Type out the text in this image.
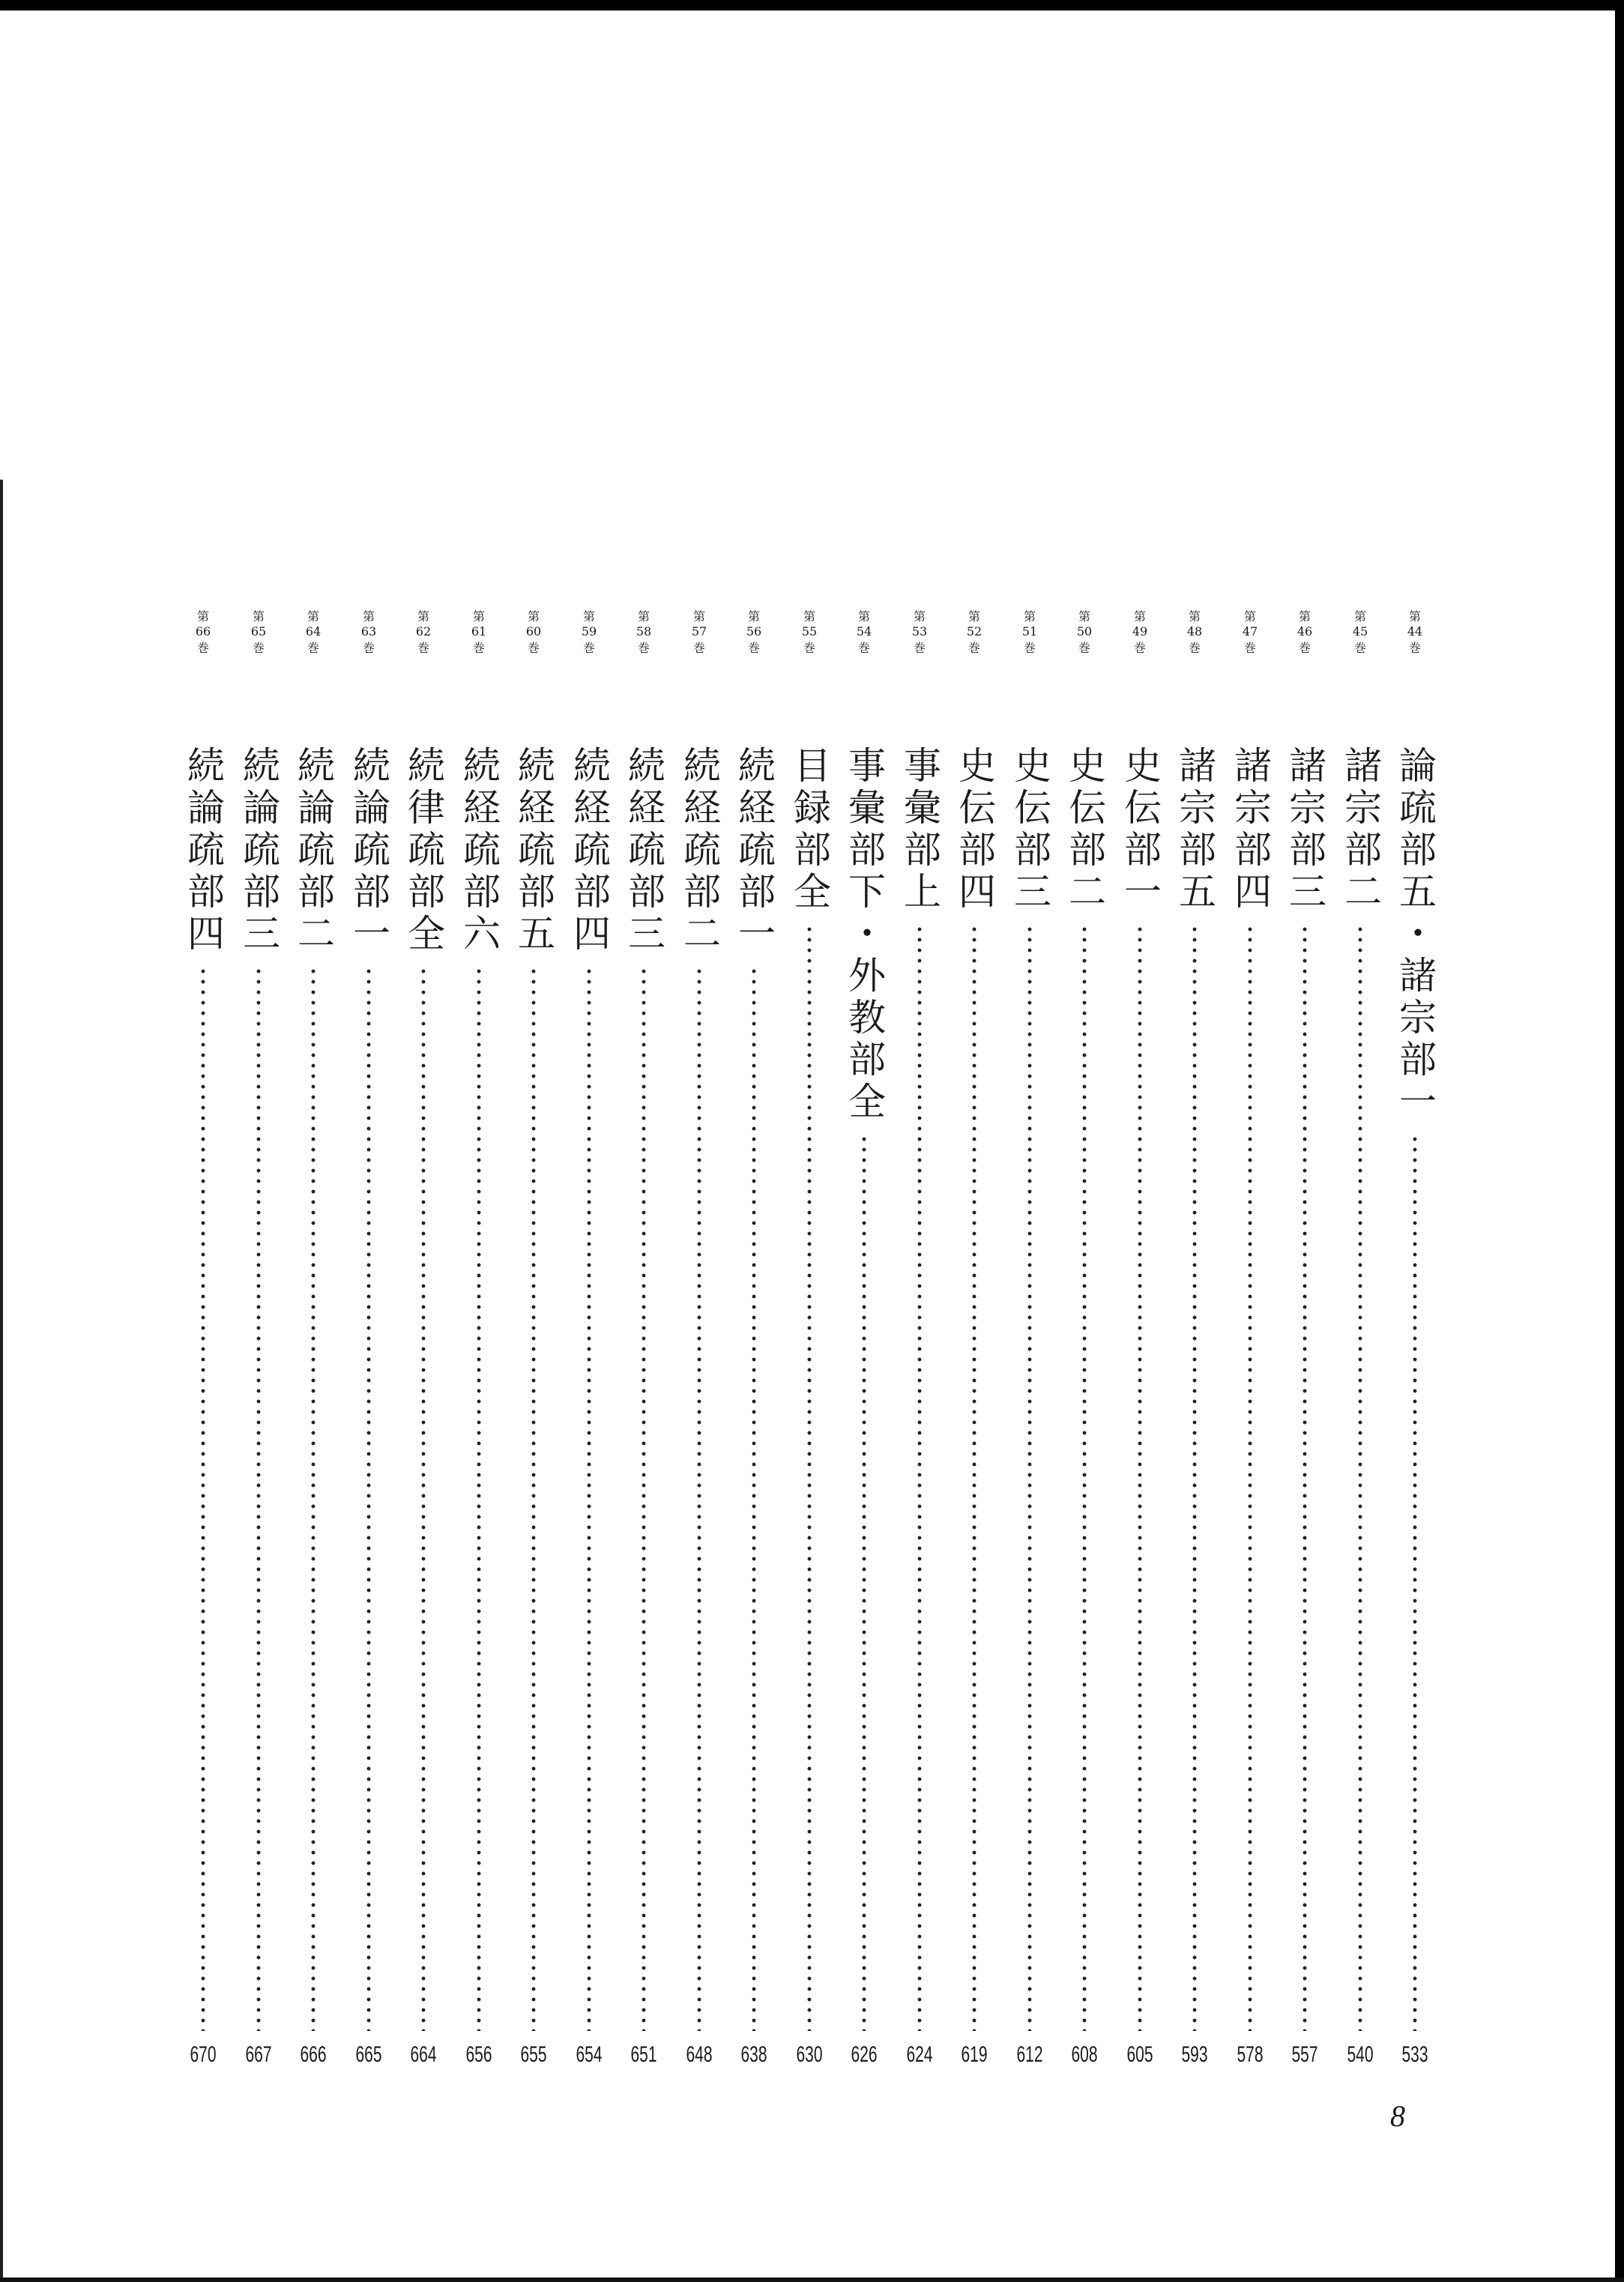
第
44
巻
論疏部五・諸宗部一
533
第
45
巻
諸宗部二
540
第
46
巻
諸宗部三
557
第
47
巻
諸宗部四
578
第
48
巻
諸宗部五
593
第
49
巻
史伝部一
605
第
50
巻
史伝部二
608
第
51
巻
史伝部三
612
第
52
巻
史伝部四
619
第
53
巻
事彙部上
624
第
54
巻
事彙部下・外教部全
626
第
55
巻
目録部全
630
第
56
巻
続経疏部一
638
第
57
巻
続経疏部二
648
第
58
巻
続経疏部三
651
第
59
巻
続経疏部四
654
第
60
巻
続経疏部五
655
第
61
巻
続経疏部六
656
第
62
巻
続律疏部全
664
第
63
巻
続論疏部一
665
第
64
巻
続論疏部二
666
第
65
巻
続論疏部三
667
第
66
巻
続論疏部四
670
8
